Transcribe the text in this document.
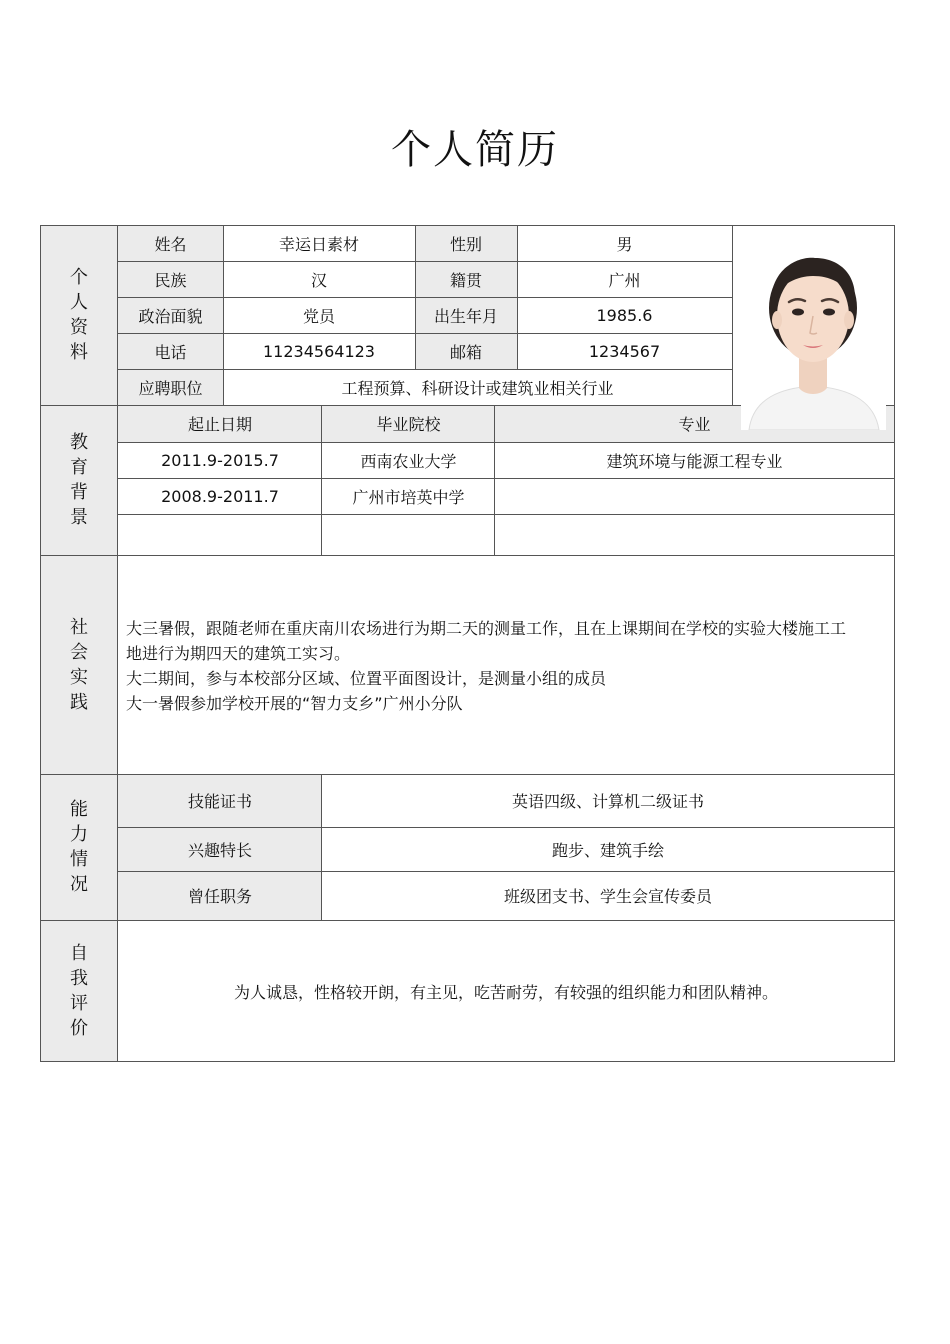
个人简历
个人资料
教育背景
社会实践
能力情况
自我评价
姓名	幸运日素材	性别	男
民族	汉	籍贯	广州
政治面貌	党员	出生年月	1985.6
电话	11234564123	邮箱	1234567
应聘职位	工程预算、科研设计或建筑业相关行业
起止日期	毕业院校	专业
2011.9-2015.7	西南农业大学	建筑环境与能源工程专业
2008.9-2011.7	广州市培英中学
大三暑假，跟随老师在重庆南川农场进行为期二天的测量工作，且在上课期间在学校的实验大楼施工工
地进行为期四天的建筑工实习。
大二期间，参与本校部分区域、位置平面图设计，是测量小组的成员
大一暑假参加学校开展的“智力支乡”广州小分队
技能证书	英语四级、计算机二级证书
兴趣特长	跑步、建筑手绘
曾任职务	班级团支书、学生会宣传委员
为人诚恳，性格较开朗，有主见，吃苦耐劳，有较强的组织能力和团队精神。
